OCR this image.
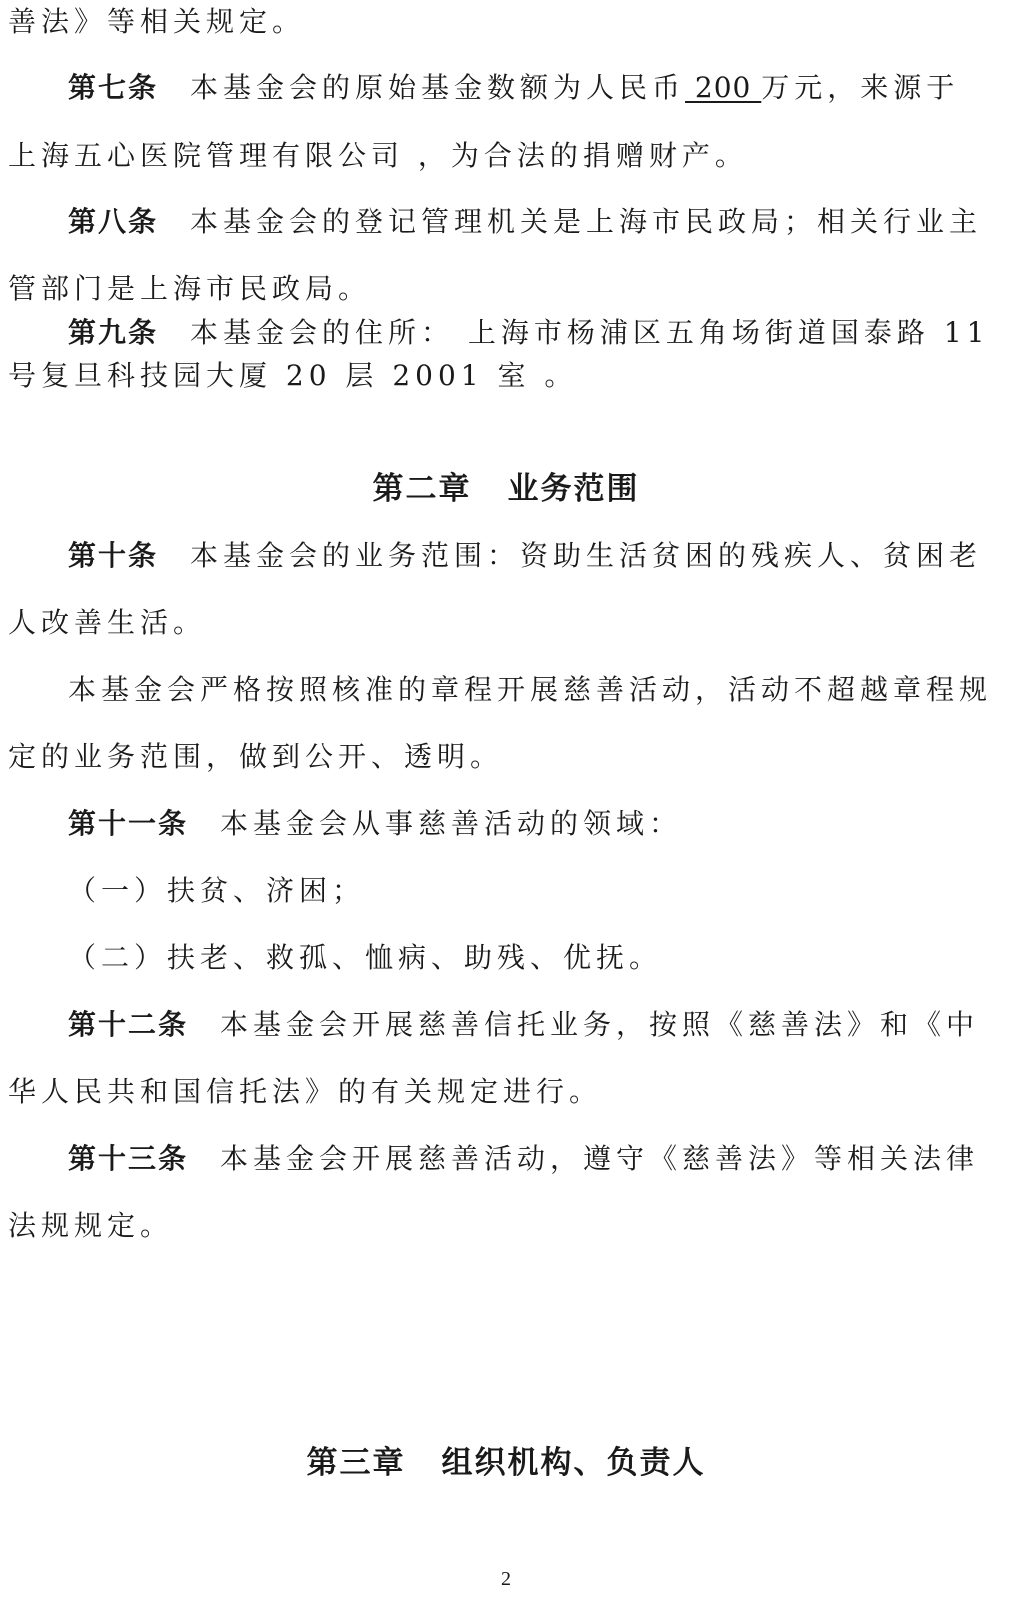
善法》等相关规定。

第七条 本基金会的原始基金数额为人民币 200 万元，来源于

上海五心医院管理有限公司 ，为合法的捐赠财产。

第八条 本基金会的登记管理机关是上海市民政局；相关行业主

管部门是上海市民政局。

第九条 本基金会的住所： 上海市杨浦区五角场街道国泰路 11

号复旦科技园大厦 20 层 2001 室 。

第二章 业务范围

第十条 本基金会的业务范围：资助生活贫困的残疾人、贫困老

人改善生活。

本基金会严格按照核准的章程开展慈善活动，活动不超越章程规

定的业务范围，做到公开、透明。

第十一条 本基金会从事慈善活动的领域：

（一）扶贫、济困；

（二）扶老、救孤、恤病、助残、优抚。

第十二条 本基金会开展慈善信托业务，按照《慈善法》和《中

华人民共和国信托法》的有关规定进行。

第十三条 本基金会开展慈善活动，遵守《慈善法》等相关法律

法规规定。

第三章 组织机构、负责人
2
